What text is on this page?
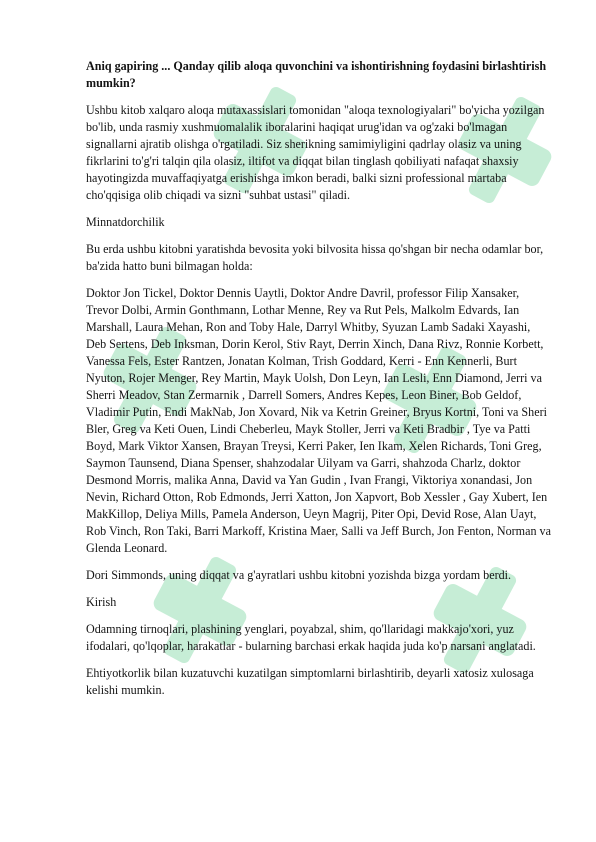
Aniq gapiring ... Qanday qilib aloqa quvonchini va ishontirishning foydasini birlashtirish mumkin?

Ushbu kitob xalqaro aloqa mutaxassislari tomonidan "aloqa texnologiyalari" bo'yicha yozilgan bo'lib, unda rasmiy xushmuomalalik iboralarini haqiqat urug'idan va og'zaki bo'lmagan signallarni ajratib olishga o'rgatiladi. Siz sherikning samimiyligini qadrlay olasiz va uning fikrlarini to'g'ri talqin qila olasiz, iltifot va diqqat bilan tinglash qobiliyati nafaqat shaxsiy hayotingizda muvaffaqiyatga erishishga imkon beradi, balki sizni professional martaba cho'qqisiga olib chiqadi va sizni "suhbat ustasi" qiladi.

Minnatdorchilik

Bu erda ushbu kitobni yaratishda bevosita yoki bilvosita hissa qo'shgan bir necha odamlar bor, ba'zida hatto buni bilmagan holda:

Doktor Jon Tickel, Doktor Dennis Uaytli, Doktor Andre Davril, professor Filip Xansaker, Trevor Dolbi, Armin Gonthmann, Lothar Menne, Rey va Rut Pels, Malkolm Edvards, Ian Marshall, Laura Mehan, Ron and Toby Hale, Darryl Whitby, Syuzan Lamb Sadaki Xayashi, Deb Sertens, Deb Inksman, Dorin Kerol, Stiv Rayt, Derrin Xinch, Dana Rivz, Ronnie Korbett, Vanessa Fels, Ester Rantzen, Jonatan Kolman, Trish Goddard, Kerri - Enn Kennerli, Burt Nyuton, Rojer Menger, Rey Martin, Mayk Uolsh, Don Leyn, Ian Lesli, Enn Diamond, Jerri va Sherri Meadov, Stan Zermarnik , Darrell Somers, Andres Kepes, Leon Biner, Bob Geldof, Vladimir Putin, Endi MakNab, Jon Xovard, Nik va Ketrin Greiner, Bryus Kortni, Toni va Sheri Bler, Greg va Keti Ouen, Lindi Cheberleu, Mayk Stoller, Jerri va Keti Bradbir , Tye va Patti Boyd, Mark Viktor Xansen, Brayan Treysi, Kerri Paker, Ien Ikam, Xelen Richards, Toni Greg, Saymon Taunsend, Diana Spenser, shahzodalar Uilyam va Garri, shahzoda Charlz, doktor Desmond Morris, malika Anna, David va Yan Gudin , Ivan Frangi, Viktoriya xonandasi, Jon Nevin, Richard Otton, Rob Edmonds, Jerri Xatton, Jon Xapvort, Bob Xessler , Gay Xubert, Ien MakKillop, Deliya Mills, Pamela Anderson, Ueyn Magrij, Piter Opi, Devid Rose, Alan Uayt, Rob Vinch, Ron Taki, Barri Markoff, Kristina Maer, Salli va Jeff Burch, Jon Fenton, Norman va Glenda Leonard.

Dori Simmonds, uning diqqat va g'ayratlari ushbu kitobni yozishda bizga yordam berdi.

Kirish

Odamning tirnoqlari, plashining yenglari, poyabzal, shim, qo'llaridagi makkajo'xori, yuz ifodalari, qo'lqoplar, harakatlar - bularning barchasi erkak haqida juda ko'p narsani anglatadi.

Ehtiyotkorlik bilan kuzatuvchi kuzatilgan simptomlarni birlashtirib, deyarli xatosiz xulosaga kelishi mumkin.
